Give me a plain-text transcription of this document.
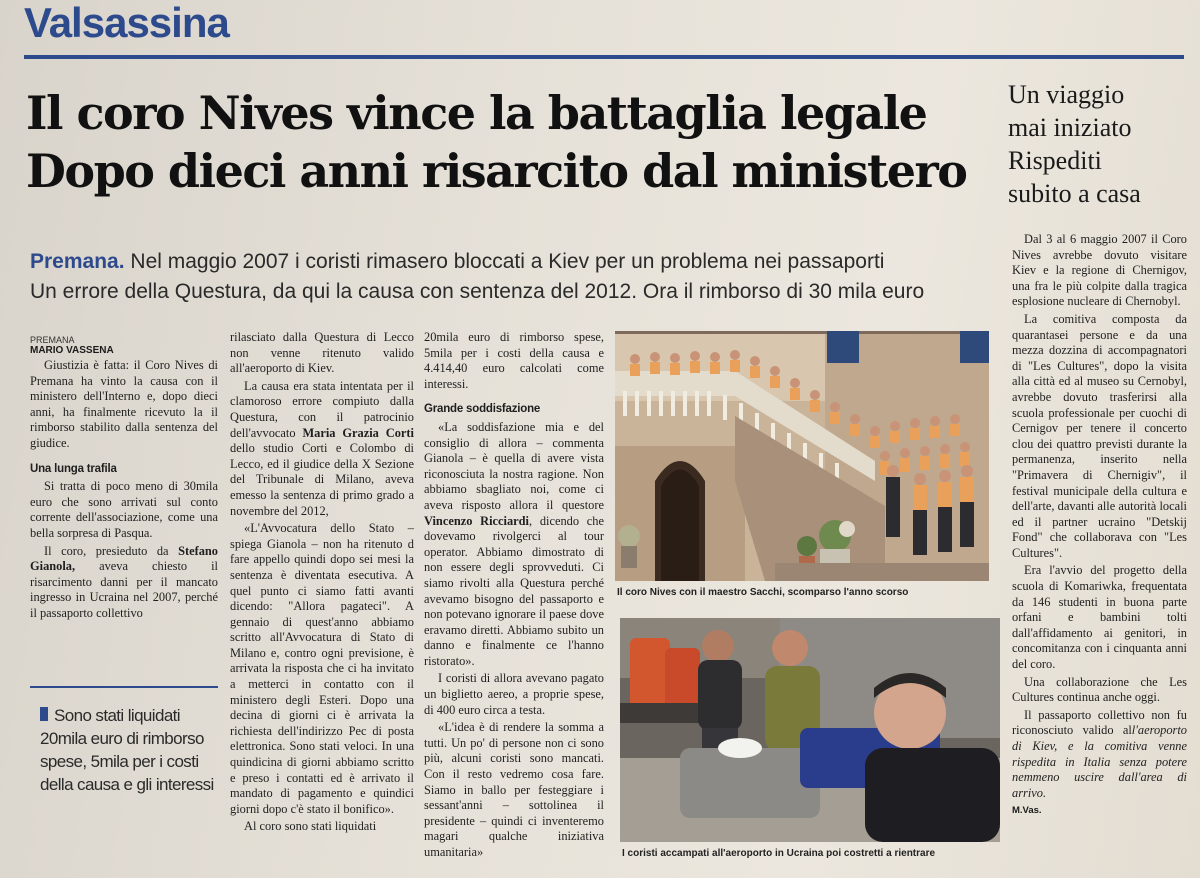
Valsassina
Il coro Nives vince la battaglia legale
Dopo dieci anni risarcito dal ministero
Premana. Nel maggio 2007 i coristi rimasero bloccati a Kiev per un problema nei passaporti
Un errore della Questura, da qui la causa con sentenza del 2012. Ora il rimborso di 30 mila euro
PREMANA
MARIO VASSENA

Giustizia è fatta: il Coro Nives di Premana ha vinto la causa con il ministero dell'Interno e, dopo dieci anni, ha finalmente ricevuto la il rimborso stabilito dalla sentenza del giudice.

Una lunga trafila

Si tratta di poco meno di 30mila euro che sono arrivati sul conto corrente dell'associazione, come una bella sorpresa di Pasqua.

Il coro, presieduto da Stefano Gianola, aveva chiesto il risarcimento danni per il mancato ingresso in Ucraina nel 2007, perché il passaporto collettivo

Sono stati liquidati 20mila euro di rimborso spese, 5mila per i costi della causa e gli interessi

rilasciato dalla Questura di Lecco non venne ritenuto valido all'aeroporto di Kiev.

La causa era stata intentata per il clamoroso errore compiuto dalla Questura, con il patrocinio dell'avvocato Maria Grazia Corti dello studio Corti e Colombo di Lecco, ed il giudice della X Sezione del Tribunale di Milano, aveva emesso la sentenza di primo grado a novembre del 2012,

«L'Avvocatura dello Stato – spiega Gianola – non ha ritenuto d fare appello quindi dopo sei mesi la sentenza è diventata esecutiva. A quel punto ci siamo fatti avanti dicendo: "Allora pagateci". A gennaio di quest'anno abbiamo scritto all'Avvocatura di Stato di Milano e, contro ogni previsione, è arrivata la risposta che ci ha invitato a metterci in contatto con il ministero degli Esteri. Dopo una decina di giorni ci è arrivata la richiesta dell'indirizzo Pec di posta elettronica. Sono stati veloci. In una quindicina di giorni abbiamo scritto e preso i contatti ed è arrivato il mandato di pagamento e quindici giorni dopo c'è stato il bonifico».

Al coro sono stati liquidati

20mila euro di rimborso spese, 5mila per i costi della causa e 4.414,40 euro calcolati come interessi.

Grande soddisfazione

«La soddisfazione mia e del consiglio di allora – commenta Gianola – è quella di avere vista riconosciuta la nostra ragione. Non abbiamo sbagliato noi, come ci aveva risposto allora il questore Vincenzo Ricciardi, dicendo che dovevamo rivolgerci al tour operator. Abbiamo dimostrato di non essere degli sprovveduti. Ci siamo rivolti alla Questura perché avevamo bisogno del passaporto e non potevano ignorare il paese dove eravamo diretti. Abbiamo subito un danno e finalmente ce l'hanno ristorato».

I coristi di allora avevano pagato un biglietto aereo, a proprie spese, di 400 euro circa a testa.

«L'idea è di rendere la somma a tutti. Un po' di persone non ci sono più, alcuni coristi sono mancati. Con il resto vedremo cosa fare. Siamo in ballo per festeggiare i sessant'anni – sottolinea il presidente – quindi ci inventeremo magari qualche iniziativa umanitaria»

Il coro Nives con il maestro Sacchi, scomparso l'anno scorso
I coristi accampati all'aeroporto in Ucraina poi costretti a rientrare
Un viaggio
mai iniziato
Rispediti
subito a casa

Dal 3 al 6 maggio 2007 il Coro Nives avrebbe dovuto visitare Kiev e la regione di Chernigov, una fra le più colpite dalla tragica esplosione nucleare di Chernobyl.

La comitiva composta da quarantasei persone e da una mezza dozzina di accompagnatori di "Les Cultures", dopo la visita alla città ed al museo su Cernobyl, avrebbe dovuto trasferirsi alla scuola professionale per cuochi di Cernigov per tenere il concerto clou dei quattro previsti durante la permanenza, inserito nella "Primavera di Chernigiv", il festival municipale della cultura e dell'arte, davanti alle autorità locali ed il partner ucraino "Detskij Fond" che collaborava con "Les Cultures".

Era l'avvio del progetto della scuola di Komariwka, frequentata da 146 studenti in buona parte orfani e bambini tolti dall'affidamento ai genitori, in concomitanza con i cinquanta anni del coro.

Una collaborazione che Les Cultures continua anche oggi.

Il passaporto collettivo non fu riconosciuto valido all'aeroporto di Kiev, e la comitiva venne rispedita in Italia senza potere nemmeno uscire dall'area di arrivo.

M.Vas.
